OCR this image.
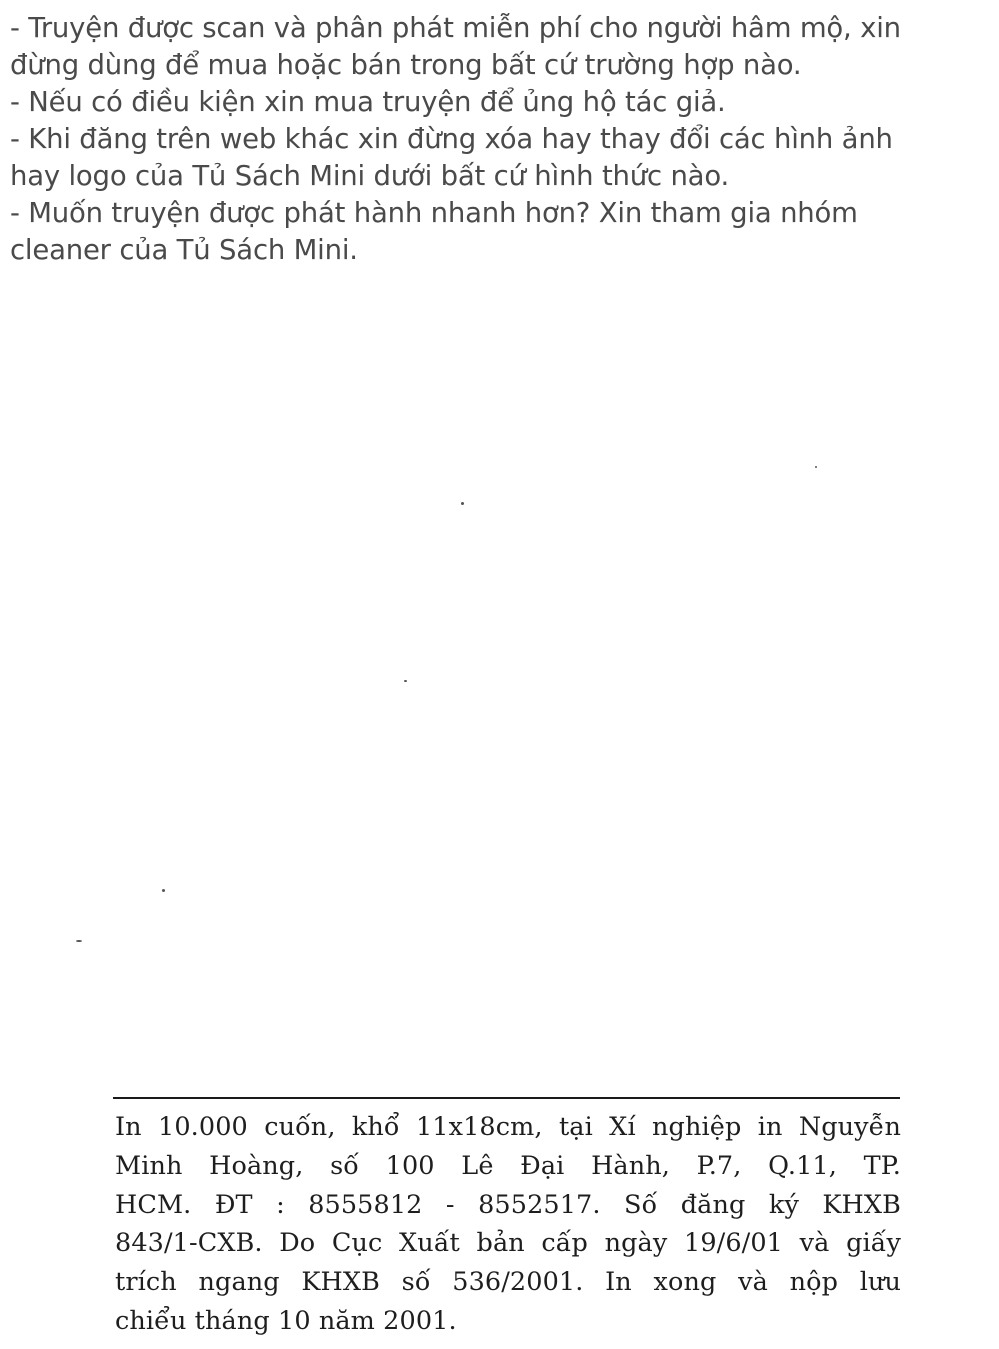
- Truyện được scan và phân phát miễn phí cho người hâm mộ, xin
đừng dùng để mua hoặc bán trong bất cứ trường hợp nào.
- Nếu có điều kiện xin mua truyện để ủng hộ tác giả.
- Khi đăng trên web khác xin đừng xóa hay thay đổi các hình ảnh
hay logo của Tủ Sách Mini dưới bất cứ hình thức nào.
- Muốn truyện được phát hành nhanh hơn? Xin tham gia nhóm
cleaner của Tủ Sách Mini.
In 10.000 cuốn, khổ 11x18cm, tại Xí nghiệp in Nguyễn
Minh Hoàng, số 100 Lê Đại Hành, P.7, Q.11, TP.
HCM. ĐT : 8555812 - 8552517. Số đăng ký KHXB
843/1-CXB. Do Cục Xuất bản cấp ngày 19/6/01 và giấy
trích ngang KHXB số 536/2001. In xong và nộp lưu
chiểu tháng 10 năm 2001.
